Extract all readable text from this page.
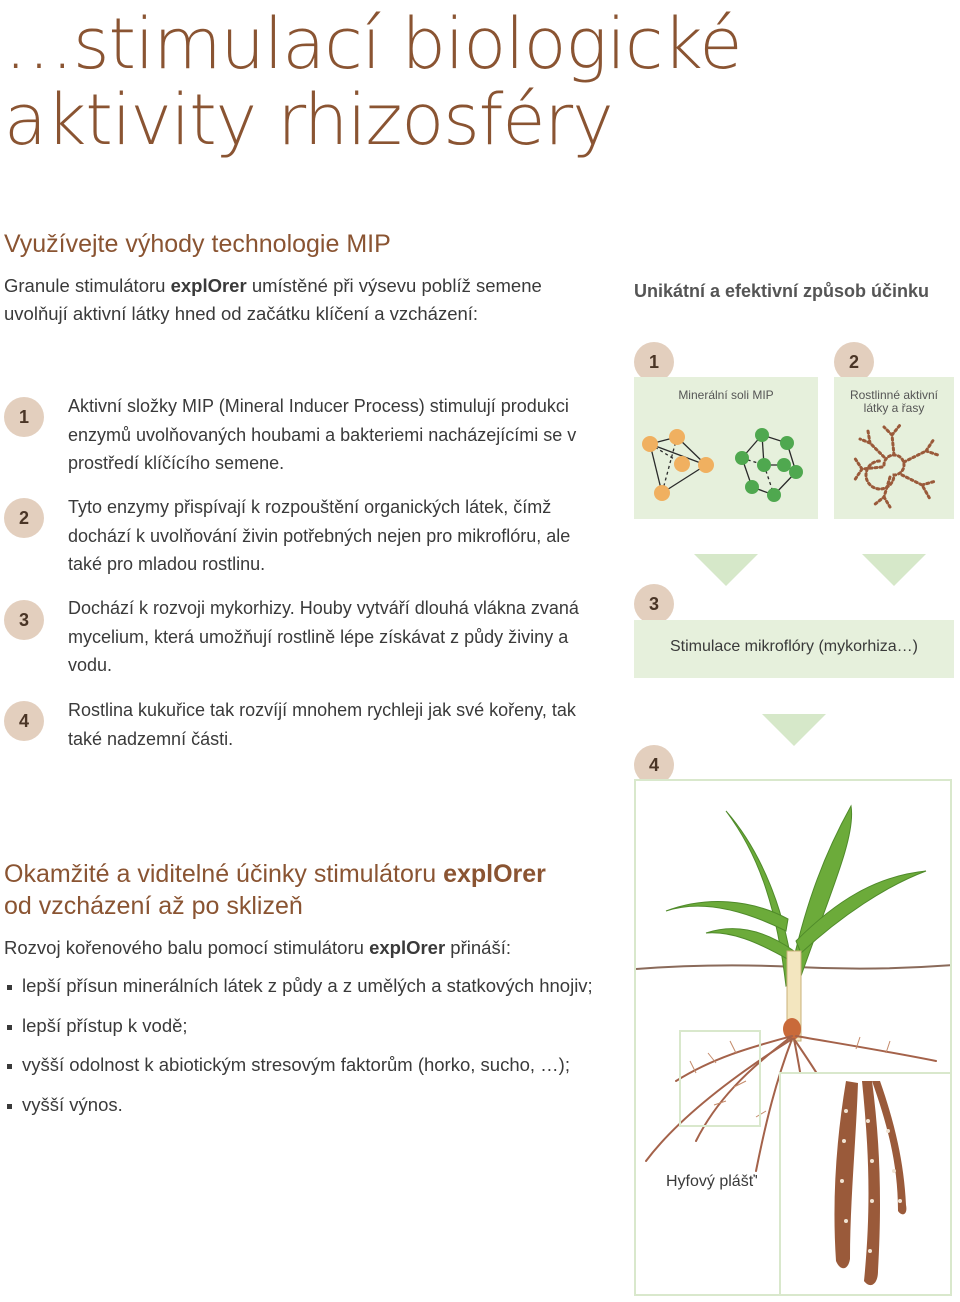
…stimulací biologické
aktivity rhizosféry
Využívejte výhody technologie MIP
Granule stimulátoru explOrer umístěné při výsevu poblíž semene uvolňují aktivní látky hned od začátku klíčení a vzcházení:
1
Aktivní složky MIP (Mineral Inducer Process) stimulují produkci enzymů uvolňovaných houbami a bakteriemi nacházejícími se v prostředí klíčícího semene.
2
Tyto enzymy přispívají k rozpouštění organických látek, čímž dochází k uvolňování živin potřebných nejen pro mikroflóru, ale také pro mladou rostlinu.
3
Dochází k rozvoji mykorhizy. Houby vytváří dlouhá vlákna zvaná mycelium, která umožňují rostlině lépe získávat z půdy živiny a vodu.
4
Rostlina kukuřice tak rozvíjí mnohem rychleji jak své kořeny, tak také nadzemní části.
Unikátní a efektivní způsob účinku
1	2
Minerální soli MIP	Rostlinné aktivní látky a řasy
3
Stimulace mikroflóry (mykorhiza…)
4
Hyfový plášť'
Okamžité a viditelné účinky stimulátoru explOrer
od vzcházení až po sklizeň
Rozvoj kořenového balu pomocí stimulátoru explOrer přináší:
lepší přísun minerálních látek z půdy a z umělých a statkových hnojiv;
lepší přístup k vodě;
vyšší odolnost k abiotickým stresovým faktorům (horko, sucho, …);
vyšší výnos.
